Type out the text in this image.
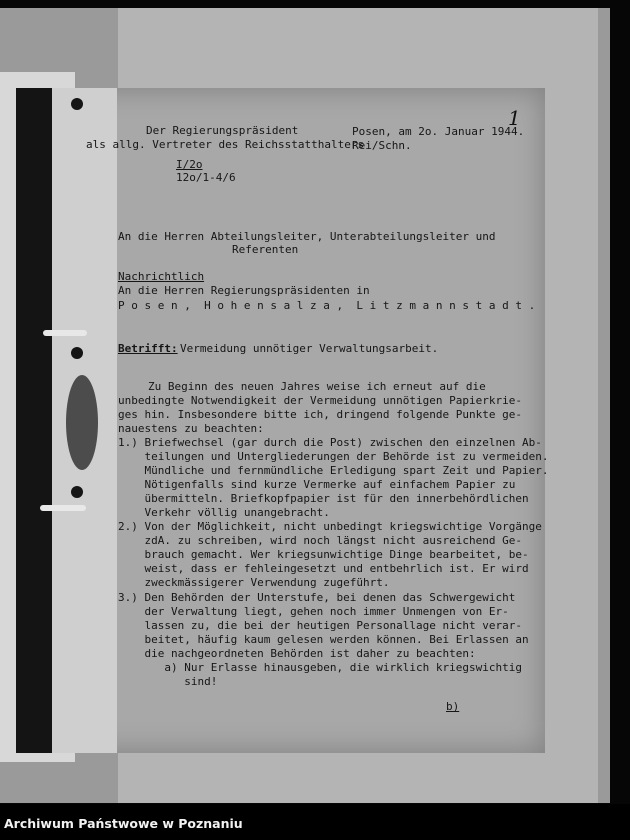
Der Regierungspräsident
als allg. Vertreter des Reichsstatthalters
I/2o
12o/1-4/6
Posen, am 2o. Januar 1944.
Rei/Schn.
1
An die Herren Abteilungsleiter, Unterabteilungsleiter und
Referenten
Nachrichtlich
An die Herren Regierungspräsidenten in
P o s e n ,  H o h e n s a l z a ,  L i t z m a n n s t a d t .
Betrifft: Vermeidung unnötiger Verwaltungsarbeit.
Zu Beginn des neuen Jahres weise ich erneut auf die
unbedingte Notwendigkeit der Vermeidung unnötigen Papierkrie-
ges hin. Insbesondere bitte ich, dringend folgende Punkte ge-
nauestens zu beachten:
1.) Briefwechsel (gar durch die Post) zwischen den einzelnen Ab-
teilungen und Untergliederungen der Behörde ist zu vermeiden.
Mündliche und fernmündliche Erledigung spart Zeit und Papier.
Nötigenfalls sind kurze Vermerke auf einfachem Papier zu
übermitteln. Briefkopfpapier ist für den innerbehördlichen
Verkehr völlig unangebracht.
2.) Von der Möglichkeit, nicht unbedingt kriegswichtige Vorgänge
zdA. zu schreiben, wird noch längst nicht ausreichend Ge-
brauch gemacht. Wer kriegsunwichtige Dinge bearbeitet, be-
weist, dass er fehleingesetzt und entbehrlich ist. Er wird
zweckmässigerer Verwendung zugeführt.
3.) Den Behörden der Unterstufe, bei denen das Schwergewicht
der Verwaltung liegt, gehen noch immer Unmengen von Er-
lassen zu, die bei der heutigen Personallage nicht verar-
beitet, häufig kaum gelesen werden können. Bei Erlassen an
die nachgeordneten Behörden ist daher zu beachten:
a) Nur Erlasse hinausgeben, die wirklich kriegswichtig
sind!
b)
Archiwum Państwowe w Poznaniu
